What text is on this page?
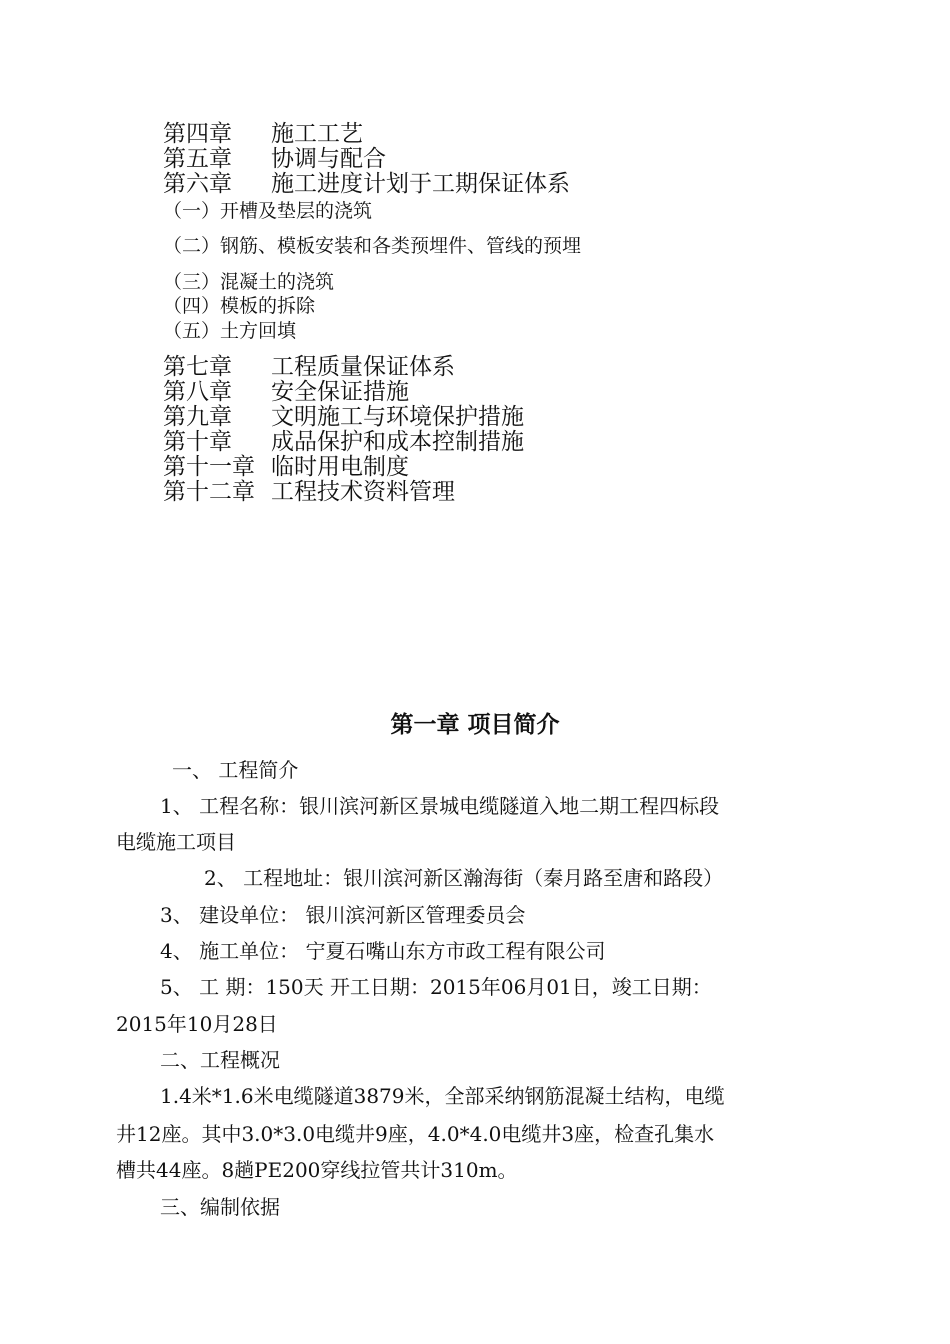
第四章 施工工艺
第五章 协调与配合
第六章 施工进度计划于工期保证体系
（一）开槽及垫层的浇筑
（二）钢筋、模板安装和各类预埋件、管线的预埋
（三）混凝土的浇筑
（四）模板的拆除
（五）土方回填
第七章 工程质量保证体系
第八章 安全保证措施
第九章 文明施工与环境保护措施
第十章 成品保护和成本控制措施
第十一章 临时用电制度
第十二章 工程技术资料管理
第一章 项目简介
一、 工程简介
1、 工程名称：银川滨河新区景城电缆隧道入地二期工程四标段
电缆施工项目
2、 工程地址：银川滨河新区瀚海街（秦月路至唐和路段）
3、 建设单位： 银川滨河新区管理委员会
4、 施工单位： 宁夏石嘴山东方市政工程有限公司
5、 工 期：150天 开工日期：2015年06月01日，竣工日期：
2015年10月28日
二、工程概况
1.4米*1.6米电缆隧道3879米，全部采纳钢筋混凝土结构，电缆
井12座。其中3.0*3.0电缆井9座，4.0*4.0电缆井3座，检查孔集水
槽共44座。8趟PE200穿线拉管共计310m。
三、编制依据
